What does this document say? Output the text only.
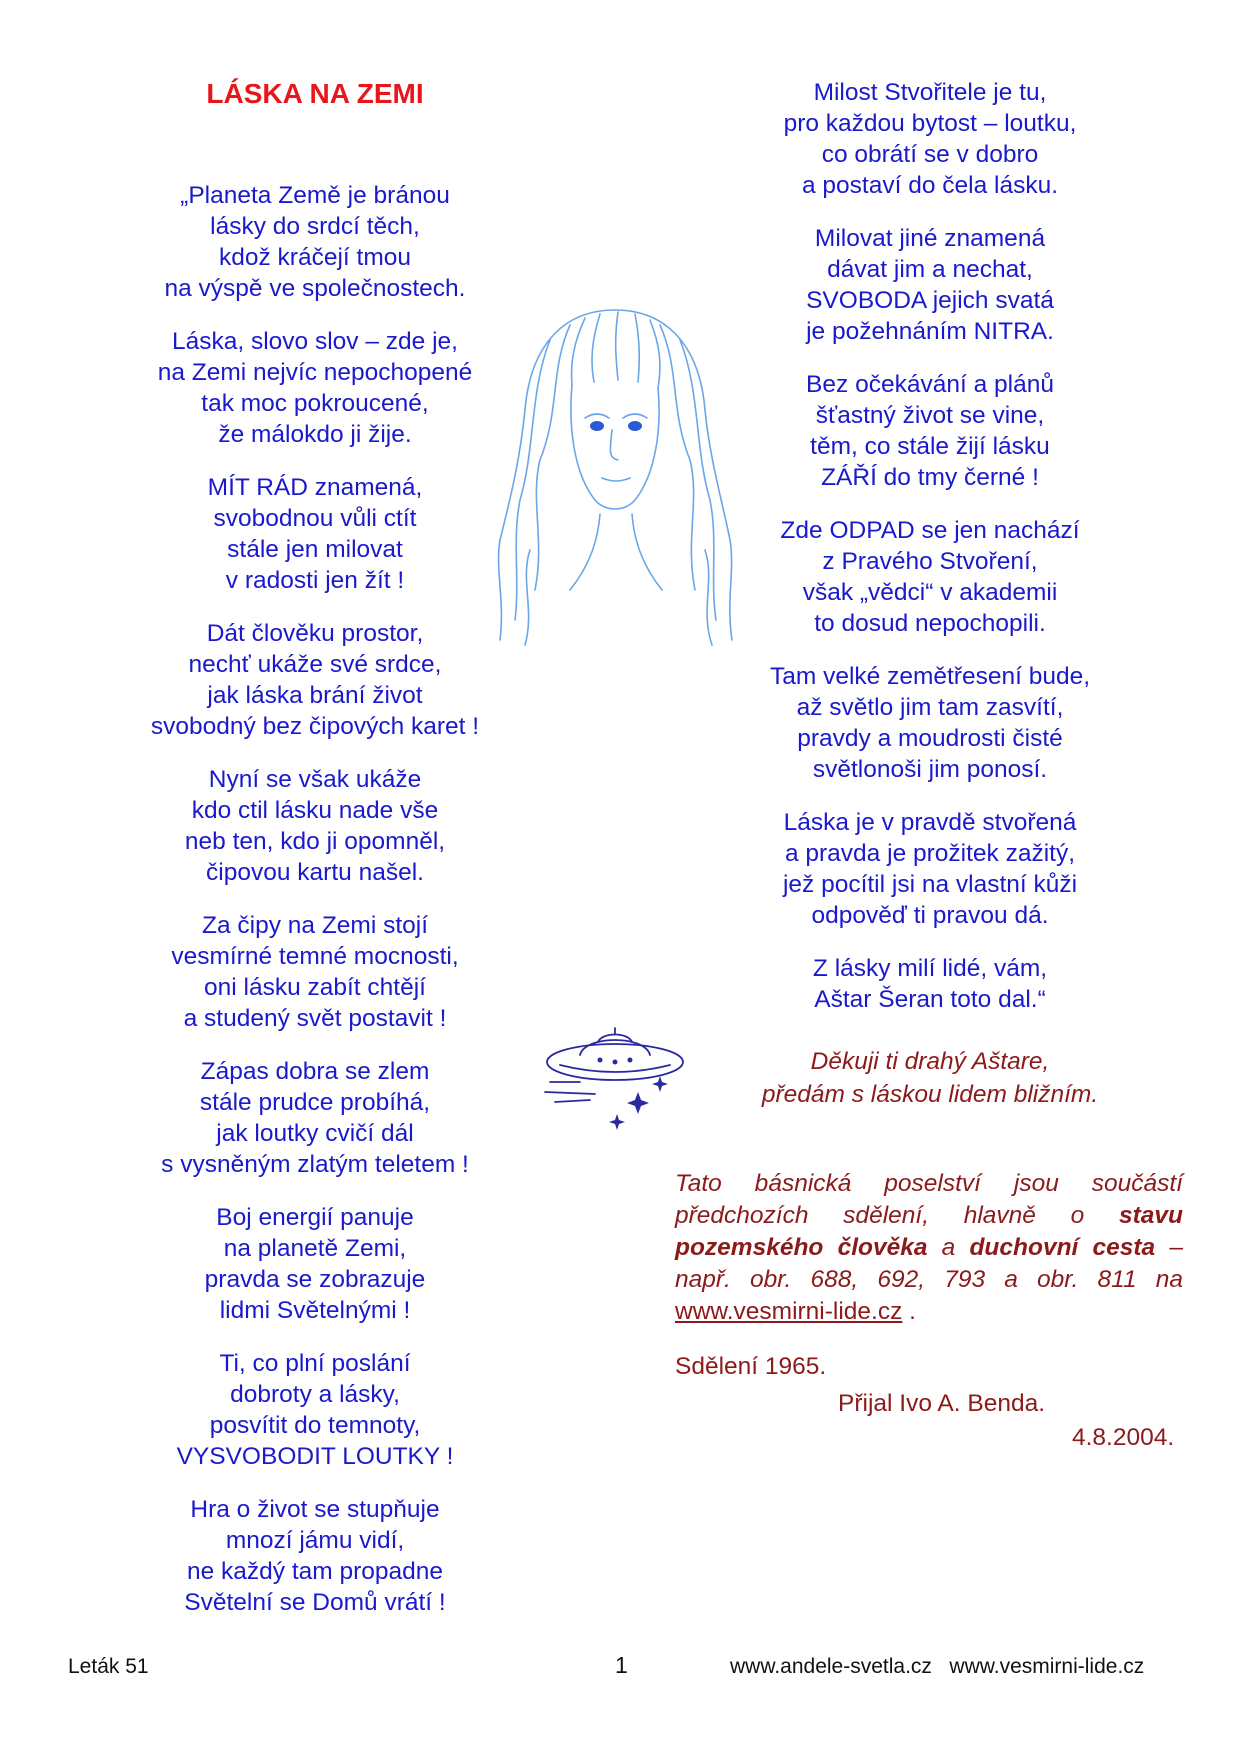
LÁSKA NA ZEMI
„Planeta Země je bránou
lásky do srdcí těch,
kdož kráčejí tmou
na výspě ve společnostech.
Láska, slovo slov – zde je,
na Zemi nejvíc nepochopené
tak moc pokroucené,
že málokdo ji žije.
MÍT RÁD znamená,
svobodnou vůli ctít
stále jen milovat
v radosti jen žít !
Dát člověku prostor,
nechť ukáže své srdce,
jak láska brání život
svobodný bez čipových karet !
Nyní se však ukáže
kdo ctil lásku nade vše
neb ten, kdo ji opomněl,
čipovou kartu našel.
Za čipy na Zemi stojí
vesmírné temné mocnosti,
oni lásku zabít chtějí
a studený svět postavit !
Zápas dobra se zlem
stále prudce probíhá,
jak loutky cvičí dál
s vysněným zlatým teletem !
Boj energií panuje
na planetě Zemi,
pravda se zobrazuje
lidmi Světelnými !
Ti, co plní poslání
dobroty a lásky,
posvítit do temnoty,
VYSVOBODIT LOUTKY !
Hra o život se stupňuje
mnozí jámu vidí,
ne každý tam propadne
Světelní se Domů vrátí !
Milost Stvořitele je tu,
pro každou bytost – loutku,
co obrátí se v dobro
a postaví do čela lásku.
Milovat jiné znamená
dávat jim a nechat,
SVOBODA jejich svatá
je požehnáním NITRA.
Bez očekávání a plánů
šťastný život se vine,
těm, co stále žijí lásku
ZÁŘÍ do tmy černé !
Zde ODPAD se jen nachází
z Pravého Stvoření,
však „vědci“ v akademii
to dosud nepochopili.
Tam velké zemětřesení bude,
až světlo jim tam zasvítí,
pravdy a moudrosti čisté
světlonoši jim ponosí.
Láska je v pravdě stvořená
a pravda je prožitek zažitý,
jež pocítil jsi na vlastní kůži
odpověď ti pravou dá.
Z lásky milí lidé, vám,
Aštar Šeran toto dal.“
Děkuji ti drahý Aštare,
předám s láskou lidem bližním.
Tato básnická poselství jsou součástí předchozích sdělení, hlavně o stavu pozemského člověka a duchovní cesta – např. obr. 688, 692, 793 a obr. 811 na www.vesmirni-lide.cz .
Sdělení 1965.
Přijal Ivo A. Benda.
4.8.2004.
Leták 51	1	www.andele-svetla.cz   www.vesmirni-lide.cz
